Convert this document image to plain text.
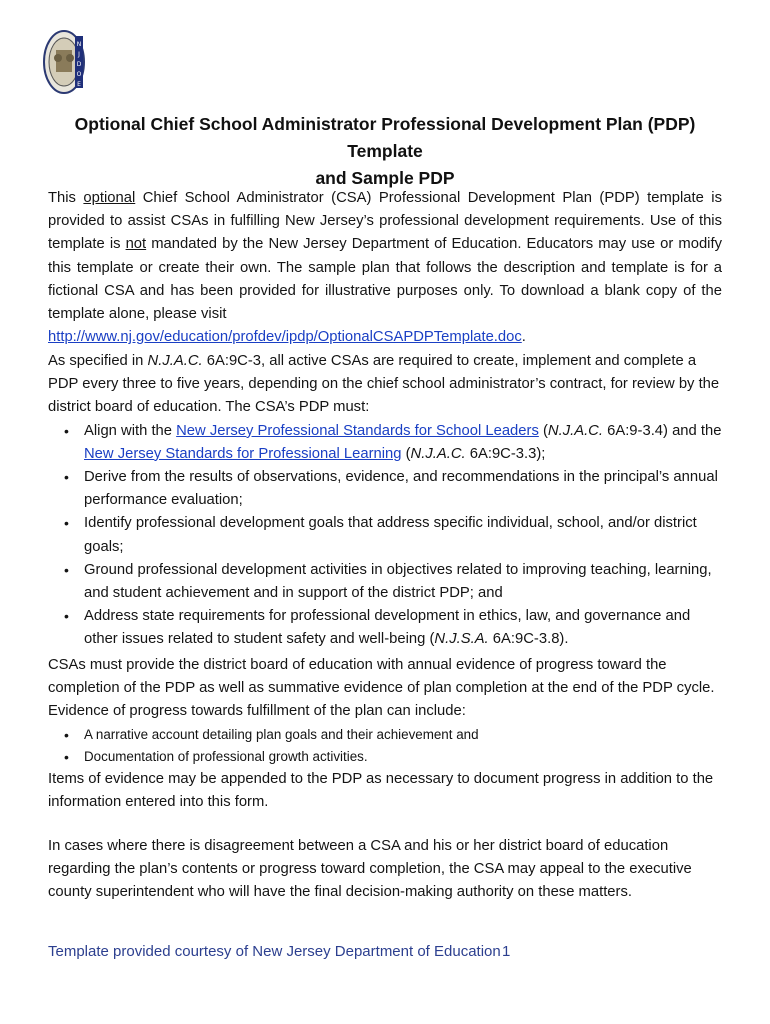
N
J
D
O
E
Optional Chief School Administrator Professional Development Plan (PDP) Template
and Sample PDP

This optional Chief School Administrator (CSA) Professional Development Plan (PDP) template is provided to assist CSAs in fulfilling New Jersey’s professional development requirements. Use of this template is not mandated by the New Jersey Department of Education. Educators may use or modify this template or create their own. The sample plan that follows the description and template is for a fictional CSA and has been provided for illustrative purposes only. To download a blank copy of the template alone, please visit

http://www.nj.gov/education/profdev/ipdp/OptionalCSAPDPTemplate.doc.

As specified in N.J.A.C. 6A:9C-3, all active CSAs are required to create, implement and complete a PDP every three to five years, depending on the chief school administrator’s contract, for review by the district board of education. The CSA’s PDP must:

• Align with the New Jersey Professional Standards for School Leaders (N.J.A.C. 6A:9-3.4) and the New Jersey Standards for Professional Learning (N.J.A.C. 6A:9C-3.3);
• Derive from the results of observations, evidence, and recommendations in the principal’s annual performance evaluation;
• Identify professional development goals that address specific individual, school, and/or district goals;
• Ground professional development activities in objectives related to improving teaching, learning, and student achievement and in support of the district PDP; and
• Address state requirements for professional development in ethics, law, and governance and other issues related to student safety and well-being (N.J.S.A. 6A:9C-3.8).

CSAs must provide the district board of education with annual evidence of progress toward the completion of the PDP as well as summative evidence of plan completion at the end of the PDP cycle. Evidence of progress towards fulfillment of the plan can include:

• A narrative account detailing plan goals and their achievement and
• Documentation of professional growth activities.

Items of evidence may be appended to the PDP as necessary to document progress in addition to the information entered into this form.

In cases where there is disagreement between a CSA and his or her district board of education regarding the plan’s contents or progress toward completion, the CSA may appeal to the executive county superintendent who will have the final decision-making authority on these matters.

Template provided courtesy of New Jersey Department of Education 1
